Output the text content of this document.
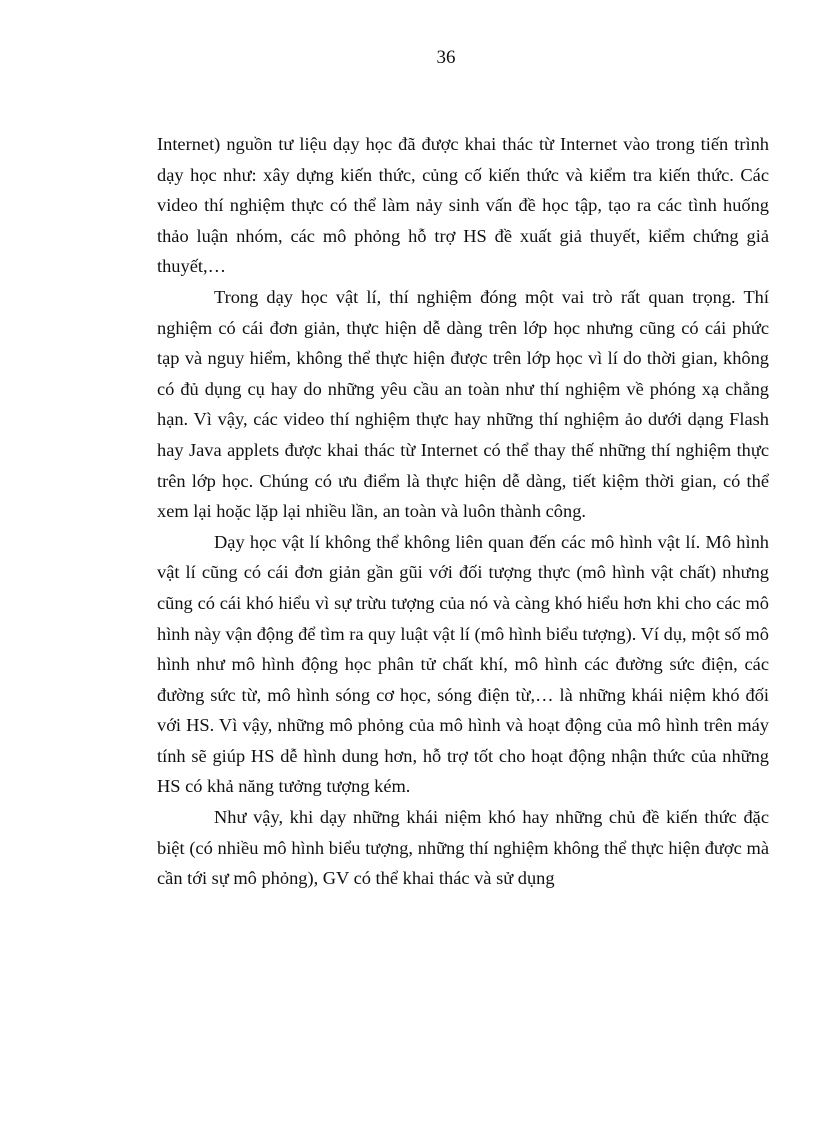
36

Internet) nguồn tư liệu dạy học đã được khai thác từ Internet vào trong tiến trình dạy học như: xây dựng kiến thức, củng cố kiến thức và kiểm tra kiến thức. Các video thí nghiệm thực có thể làm nảy sinh vấn đề học tập, tạo ra các tình huống thảo luận nhóm, các mô phỏng hỗ trợ HS đề xuất giả thuyết, kiểm chứng giả thuyết,…

Trong dạy học vật lí, thí nghiệm đóng một vai trò rất quan trọng. Thí nghiệm có cái đơn giản, thực hiện dễ dàng trên lớp học nhưng cũng có cái phức tạp và nguy hiểm, không thể thực hiện được trên lớp học vì lí do thời gian, không có đủ dụng cụ hay do những yêu cầu an toàn như thí nghiệm về phóng xạ chẳng hạn. Vì vậy, các video thí nghiệm thực hay những thí nghiệm ảo dưới dạng Flash hay Java applets được khai thác từ Internet có thể thay thế những thí nghiệm thực trên lớp học. Chúng có ưu điểm là thực hiện dễ dàng, tiết kiệm thời gian, có thể xem lại hoặc lặp lại nhiều lần, an toàn và luôn thành công.

Dạy học vật lí không thể không liên quan đến các mô hình vật lí. Mô hình vật lí cũng có cái đơn giản gần gũi với đối tượng thực (mô hình vật chất) nhưng cũng có cái khó hiểu vì sự trừu tượng của nó và càng khó hiểu hơn khi cho các mô hình này vận động để tìm ra quy luật vật lí (mô hình biểu tượng). Ví dụ, một số mô hình như mô hình động học phân tử chất khí, mô hình các đường sức điện, các đường sức từ, mô hình sóng cơ học, sóng điện từ,… là những khái niệm khó đối với HS. Vì vậy, những mô phỏng của mô hình và hoạt động của mô hình trên máy tính sẽ giúp HS dễ hình dung hơn, hỗ trợ tốt cho hoạt động nhận thức của những HS có khả năng tưởng tượng kém.

Như vậy, khi dạy những khái niệm khó hay những chủ đề kiến thức đặc biệt (có nhiều mô hình biểu tượng, những thí nghiệm không thể thực hiện được mà cần tới sự mô phỏng), GV có thể khai thác và sử dụng
